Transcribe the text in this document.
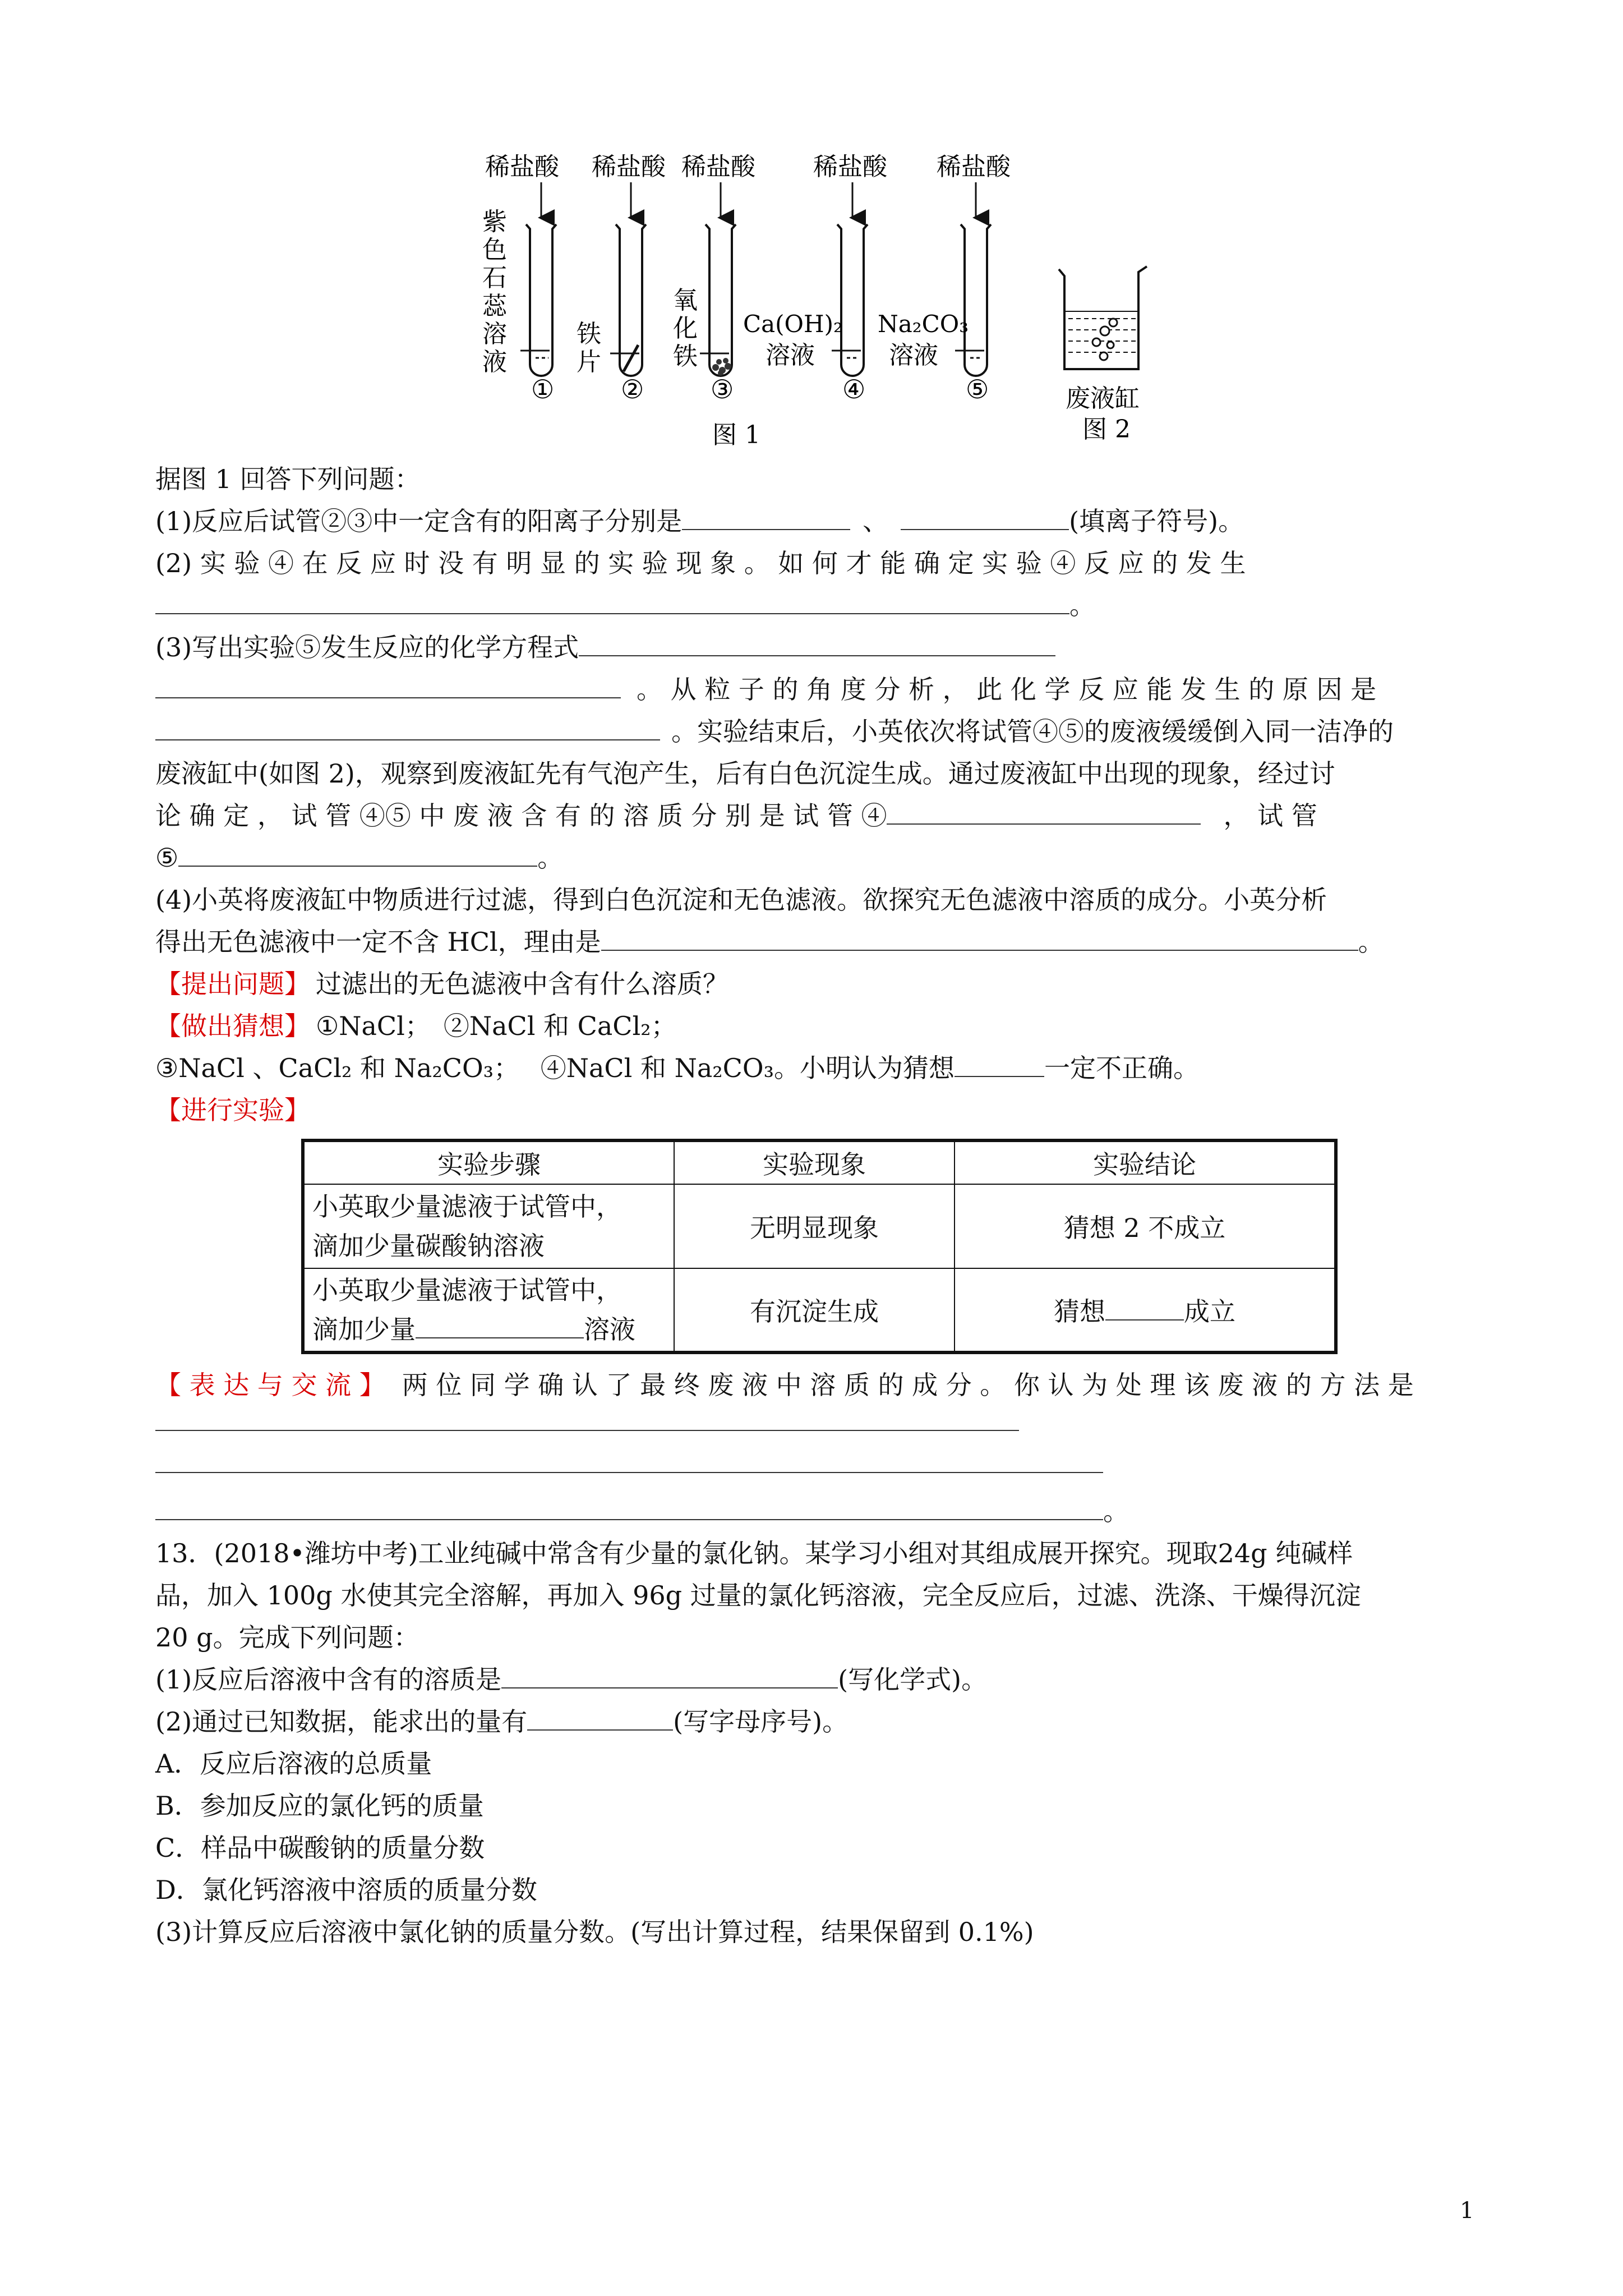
稀盐酸 稀盐酸 稀盐酸 稀盐酸 稀盐酸
紫
色
石
蕊
溶
液
铁
片
氧
化
铁
Ca(OH)₂
溶液
Na₂CO₃
溶液
①	②	③	④	⑤
图 1
废液缸
图 2
据图 1 回答下列问题：
(1)反应后试管②③中一定含有的阳离子分别是	、	(填离子符号)。
(2) 实 验 ④ 在 反 应 时 没 有 明 显 的 实 验 现 象 。 如 何 才 能 确 定 实 验 ④ 反 应 的 发 生
。
(3)写出实验⑤发生反应的化学方程式
。 从 粒 子 的 角 度 分 析 ， 此 化 学 反 应 能 发 生 的 原 因 是
。实验结束后，小英依次将试管④⑤的废液缓缓倒入同一洁净的
废液缸中(如图 2)，观察到废液缸先有气泡产生，后有白色沉淀生成。通过废液缸中出现的现象，经过讨
论 确 定 ， 试 管 ④⑤ 中 废 液 含 有 的 溶 质 分 别 是 试 管 ④	， 试 管
⑤	。
(4)小英将废液缸中物质进行过滤，得到白色沉淀和无色滤液。欲探究无色滤液中溶质的成分。小英分析
得出无色滤液中一定不含 HCl，理由是	。
【提出问题】 过滤出的无色滤液中含有什么溶质？
【做出猜想】 ①NaCl；　②NaCl 和 CaCl₂；
③NaCl 、CaCl₂ 和 Na₂CO₃；　 ④NaCl 和 Na₂CO₃。小明认为猜想	一定不正确。
【进行实验】
实验步骤	实验现象	实验结论

小英取少量滤液于试管中，
滴加少量碳酸钠溶液	无明显现象	猜想 2 不成立

小英取少量滤液于试管中，
滴加少量 溶液	有沉淀生成	猜想 成立
【 表 达 与 交 流 】 两 位 同 学 确 认 了 最 终 废 液 中 溶 质 的 成 分 。 你 认 为 处 理 该 废 液 的 方 法 是
。
13．(2018•潍坊中考)工业纯碱中常含有少量的氯化钠。某学习小组对其组成展开探究。现取24g 纯碱样
品，加入 100g 水使其完全溶解，再加入 96g 过量的氯化钙溶液，完全反应后，过滤、洗涤、干燥得沉淀
20 g。完成下列问题：
(1)反应后溶液中含有的溶质是	(写化学式)。
(2)通过已知数据，能求出的量有	(写字母序号)。
A．反应后溶液的总质量
B．参加反应的氯化钙的质量
C．样品中碳酸钠的质量分数
D．氯化钙溶液中溶质的质量分数
(3)计算反应后溶液中氯化钠的质量分数。(写出计算过程，结果保留到 0.1%)
1
